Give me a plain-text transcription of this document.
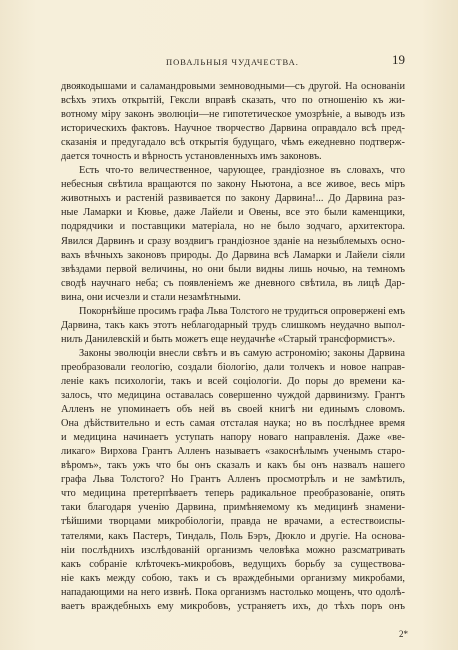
ПОВАЛЬНЫЯ ЧУДАЧЕСТВА.	19
двоякодышами и саламандровыми земноводными—съ другой. На основаніи
всѣхъ этихъ открытій, Гексли вправѣ сказать, что по отношенію къ жи-
вотному міру законъ эволюціи—не гипотетическое умозрѣніе, а выводъ изъ
историческихъ фактовъ. Научное творчество Дарвина оправдало всѣ пред-
сказанія и предугадало всѣ открытія будущаго, чѣмъ ежедневно подтверж-
дается точность и вѣрность установленныхъ имъ законовъ.
Есть что-то величественное, чарующее, грандіозное въ словахъ, что
небесныя свѣтила вращаются по закону Ньютона, а все живое, весь міръ
животныхъ и растеній развивается по закону Дарвина!... До Дарвина раз-
ные Ламарки и Кювье, даже Лайели и Овены, все это были каменщики,
подрядчики и поставщики матеріала, но не было зодчаго, архитектора.
Явился Дарвинъ и сразу воздвигъ грандіозное зданіе на незыблемыхъ осно-
вахъ вѣчныхъ законовъ природы. До Дарвина всѣ Ламарки и Лайели сіяли
звѣздами первой величины, но они были видны лишь ночью, на темномъ
сводѣ научнаго неба; съ появленіемъ же дневного свѣтила, въ лицѣ Дар-
вина, они исчезли и стали незамѣтными.
Покорнѣйше просимъ графа Льва Толстого не трудиться опровержені емъ
Дарвина, такъ какъ этотъ неблагодарный трудъ слишкомъ неудачно выпол-
нилъ Данилевскій и быть можетъ еще неудачнѣе «Старый трансформистъ».
Законы эволюціи внесли свѣтъ и въ самую астрономію; законы Дарвина
преобразовали геологію, создали біологію, дали толчекъ и новое направ-
леніе какъ психологіи, такъ и всей соціологіи. До поры до времени ка-
залось, что медицина оставалась совершенно чуждой дарвинизму. Грантъ
Алленъ не упоминаетъ объ ней въ своей книгѣ ни единымъ словомъ.
Она дѣйствительно и есть самая отсталая наука; но въ послѣднее время
и медицина начинаетъ уступать напору новаго направленія. Даже «ве-
ликаго» Вирхова Грантъ Алленъ называетъ «закоснѣлымъ ученымъ старо-
вѣромъ», такъ ужъ что бы онъ сказалъ и какъ бы онъ назвалъ нашего
графа Льва Толстого? Но Грантъ Алленъ просмотрѣлъ и не замѣтилъ,
что медицина претерпѣваетъ теперь радикальное преобразованіе, опять
таки благодаря ученію Дарвина, примѣняемому къ медицинѣ знамени-
тѣйшими творцами микробіологіи, правда не врачами, а естествоиспы-
тателями, какъ Пастеръ, Тиндаль, Поль Бэръ, Дюкло и другіе. На основа-
ніи послѣднихъ изслѣдованій организмъ человѣка можно разсматривать
какъ собраніе клѣточекъ-микробовъ, ведущихъ борьбу за существова-
ніе какъ между собою, такъ и съ враждебными организму микробами,
нападающими на него извнѣ. Пока организмъ настолько мощенъ, что одолѣ-
ваетъ враждебныхъ ему микробовъ, устраняетъ ихъ, до тѣхъ поръ онъ
2*
